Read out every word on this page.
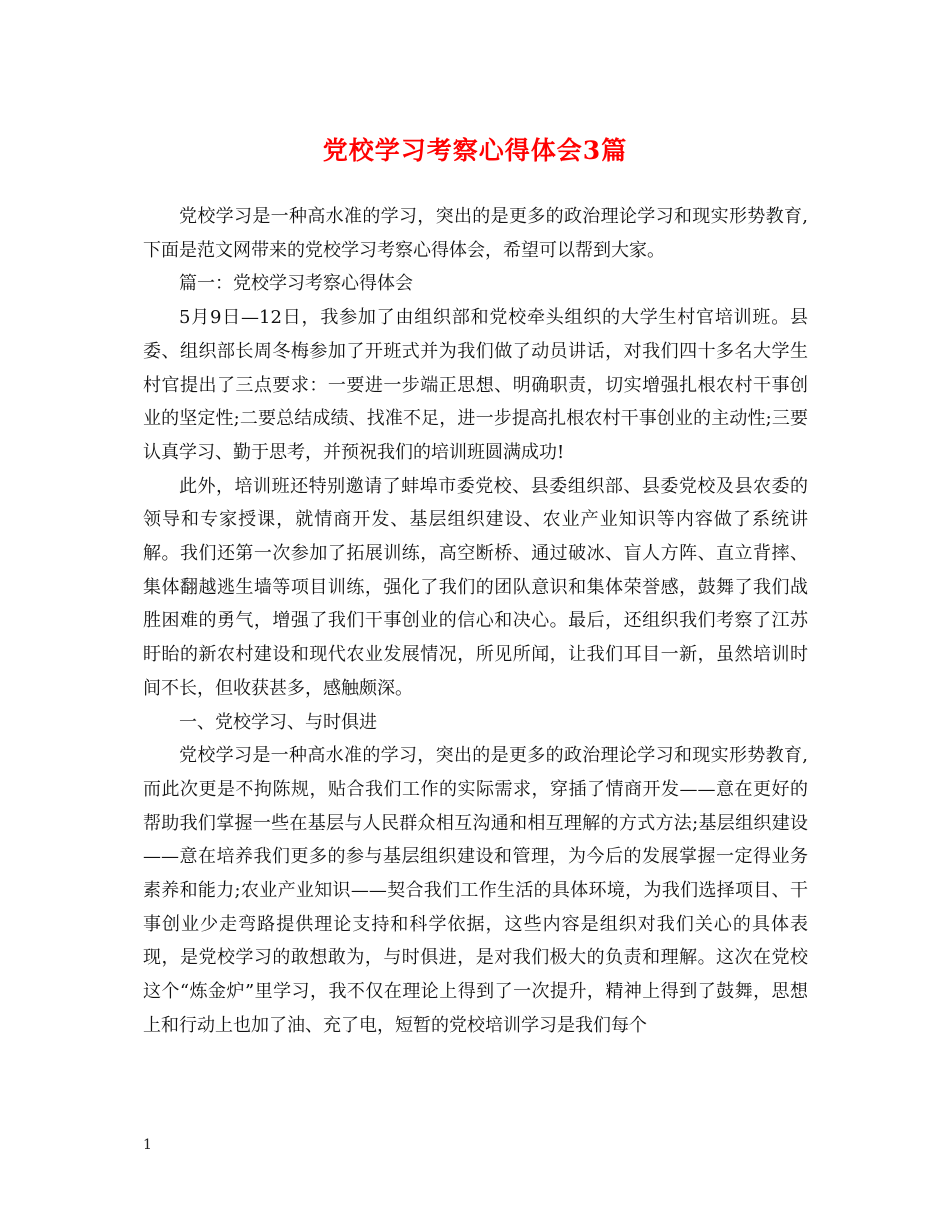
党校学习考察心得体会3篇

党校学习是一种高水准的学习，突出的是更多的政治理论学习和现实形势教育,下面是范文网带来的党校学习考察心得体会，希望可以帮到大家。

篇一：党校学习考察心得体会

5月9日—12日，我参加了由组织部和党校牵头组织的大学生村官培训班。县委、组织部长周冬梅参加了开班式并为我们做了动员讲话，对我们四十多名大学生村官提出了三点要求：一要进一步端正思想、明确职责，切实增强扎根农村干事创业的坚定性;二要总结成绩、找准不足，进一步提高扎根农村干事创业的主动性;三要认真学习、勤于思考，并预祝我们的培训班圆满成功!

此外，培训班还特别邀请了蚌埠市委党校、县委组织部、县委党校及县农委的领导和专家授课，就情商开发、基层组织建设、农业产业知识等内容做了系统讲解。我们还第一次参加了拓展训练，高空断桥、通过破冰、盲人方阵、直立背摔、集体翻越逃生墙等项目训练，强化了我们的团队意识和集体荣誉感，鼓舞了我们战胜困难的勇气，增强了我们干事创业的信心和决心。最后，还组织我们考察了江苏盱眙的新农村建设和现代农业发展情况，所见所闻，让我们耳目一新，虽然培训时间不长，但收获甚多，感触颇深。

一、党校学习、与时俱进

党校学习是一种高水准的学习，突出的是更多的政治理论学习和现实形势教育,而此次更是不拘陈规，贴合我们工作的实际需求，穿插了情商开发——意在更好的帮助我们掌握一些在基层与人民群众相互沟通和相互理解的方式方法;基层组织建设——意在培养我们更多的参与基层组织建设和管理，为今后的发展掌握一定得业务素养和能力;农业产业知识——契合我们工作生活的具体环境，为我们选择项目、干事创业少走弯路提供理论支持和科学依据，这些内容是组织对我们关心的具体表现，是党校学习的敢想敢为，与时俱进，是对我们极大的负责和理解。这次在党校这个“炼金炉”里学习，我不仅在理论上得到了一次提升，精神上得到了鼓舞，思想上和行动上也加了油、充了电，短暂的党校培训学习是我们每个

1
